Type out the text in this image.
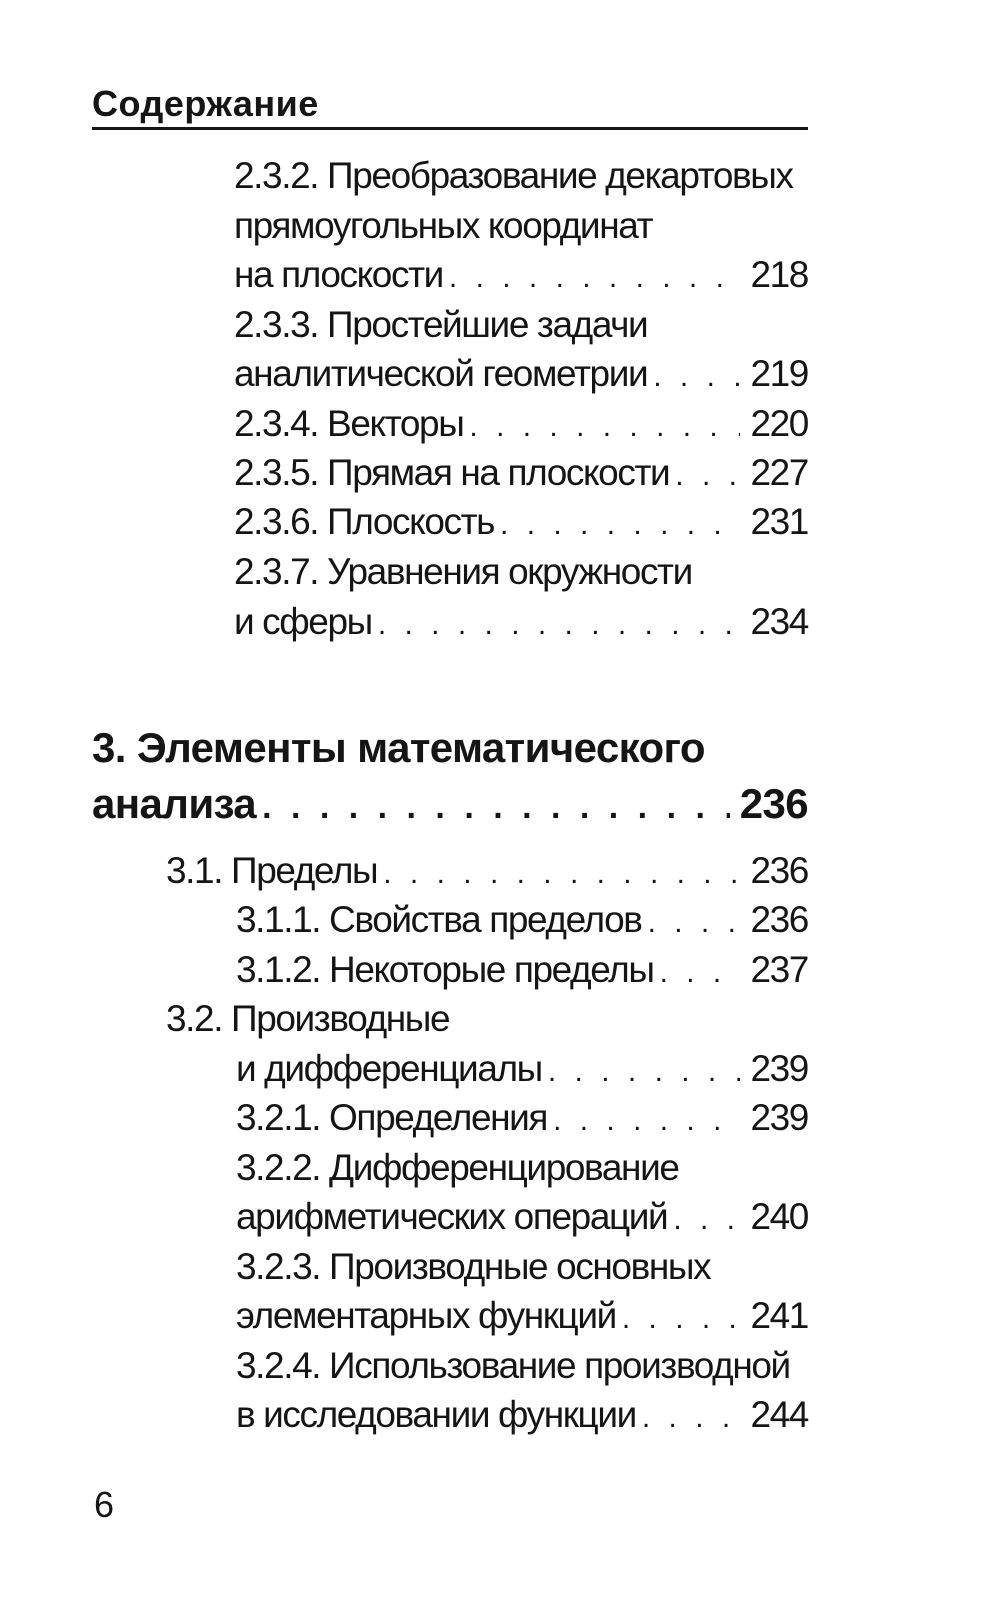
Содержание
2.3.2. Преобразование декартовых
прямоугольных координат
на плоскости . . .	218
2.3.3. Простейшие задачи
аналитической геометрии . . .	219
2.3.4. Векторы . . .	220
2.3.5. Прямая на плоскости . . . 227
2.3.6. Плоскость . . .	231
2.3.7. Уравнения окружности
и сферы . . .	234
3. Элементы математического
анализа . . .	236
3.1. Пределы . . .	236
3.1.1. Свойства пределов . . .	236
3.1.2. Некоторые пределы . . .	237
3.2. Производные
и дифференциалы . . .	239
3.2.1. Определения . . .	239
3.2.2. Дифференцирование
арифметических операций . . . 240
3.2.3. Производные основных
элементарных функций . . .	241
3.2.4. Использование производной
в исследовании функции . . .	244
6
